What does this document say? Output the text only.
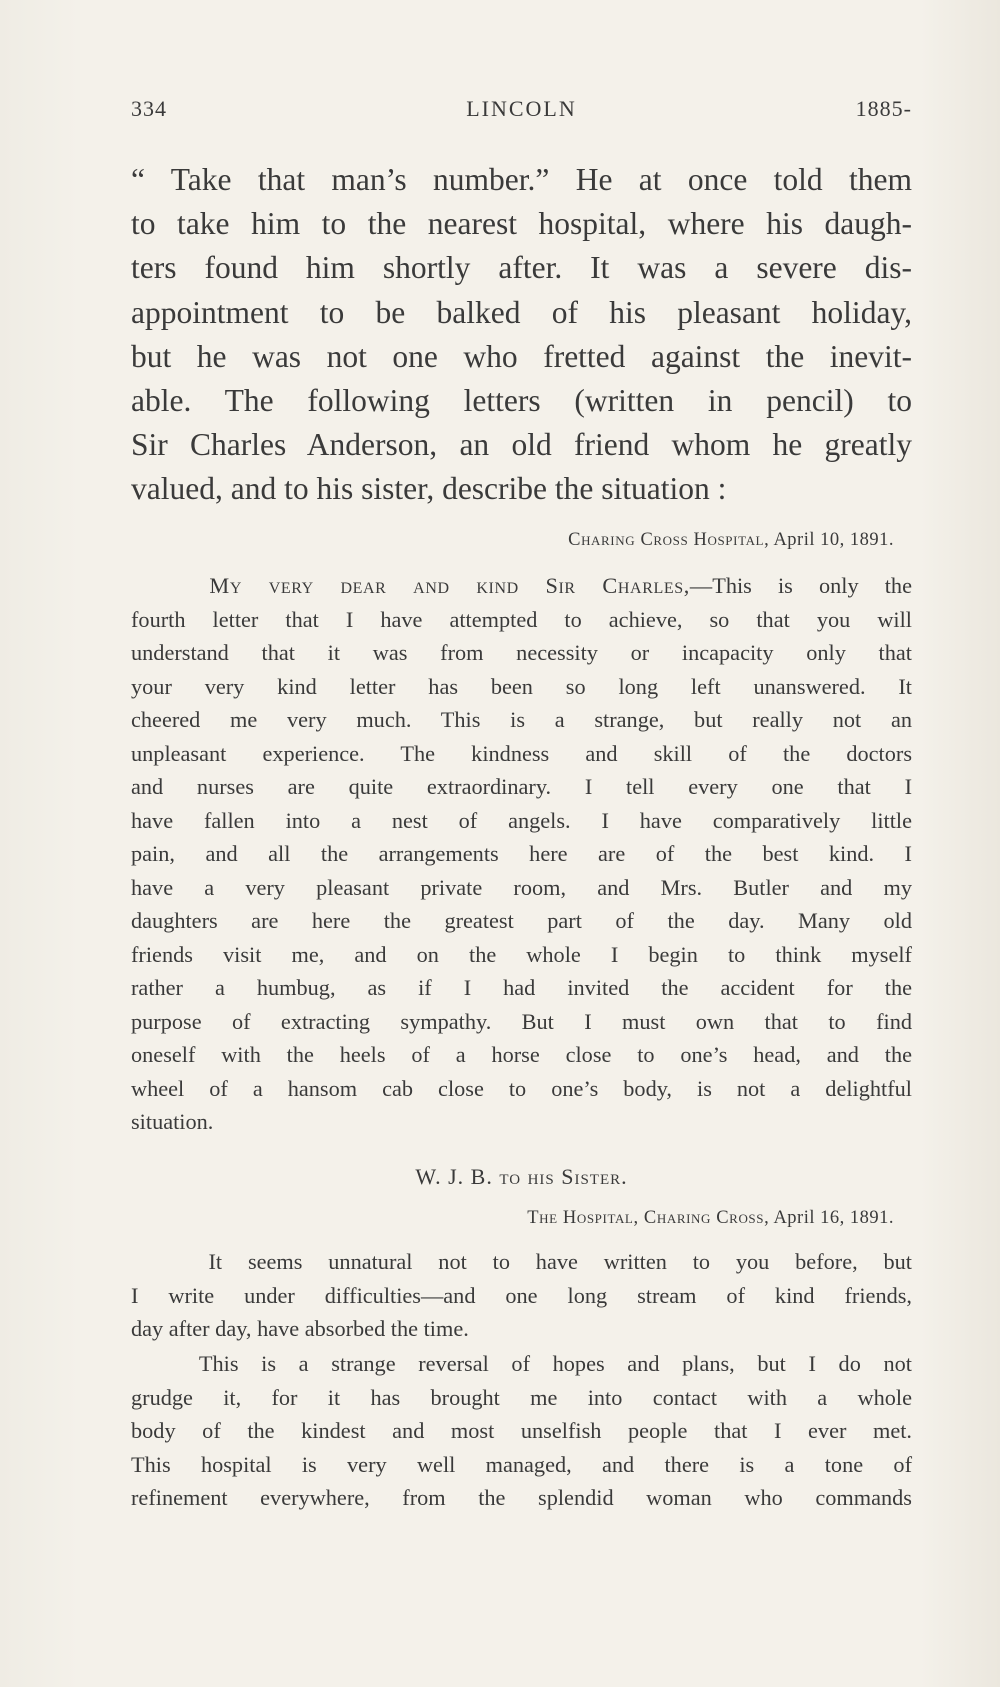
334	LINCOLN	1885-
“ Take that man’s number.” He at once told them
to take him to the nearest hospital, where his daugh-
ters found him shortly after. It was a severe dis-
appointment to be balked of his pleasant holiday,
but he was not one who fretted against the inevit-
able. The following letters (written in pencil) to
Sir Charles Anderson, an old friend whom he greatly
valued, and to his sister, describe the situation :

Charing Cross Hospital, April 10, 1891.

My very dear and kind Sir Charles,—This is only the
fourth letter that I have attempted to achieve, so that you will
understand that it was from necessity or incapacity only that
your very kind letter has been so long left unanswered. It
cheered me very much. This is a strange, but really not an
unpleasant experience. The kindness and skill of the doctors
and nurses are quite extraordinary. I tell every one that I
have fallen into a nest of angels. I have comparatively little
pain, and all the arrangements here are of the best kind. I
have a very pleasant private room, and Mrs. Butler and my
daughters are here the greatest part of the day. Many old
friends visit me, and on the whole I begin to think myself
rather a humbug, as if I had invited the accident for the
purpose of extracting sympathy. But I must own that to find
oneself with the heels of a horse close to one’s head, and the
wheel of a hansom cab close to one’s body, is not a delightful
situation.

W. J. B. to his Sister.

The Hospital, Charing Cross, April 16, 1891.

It seems unnatural not to have written to you before, but
I write under difficulties—and one long stream of kind friends,
day after day, have absorbed the time.
This is a strange reversal of hopes and plans, but I do not
grudge it, for it has brought me into contact with a whole
body of the kindest and most unselfish people that I ever met.
This hospital is very well managed, and there is a tone of
refinement everywhere, from the splendid woman who commands
